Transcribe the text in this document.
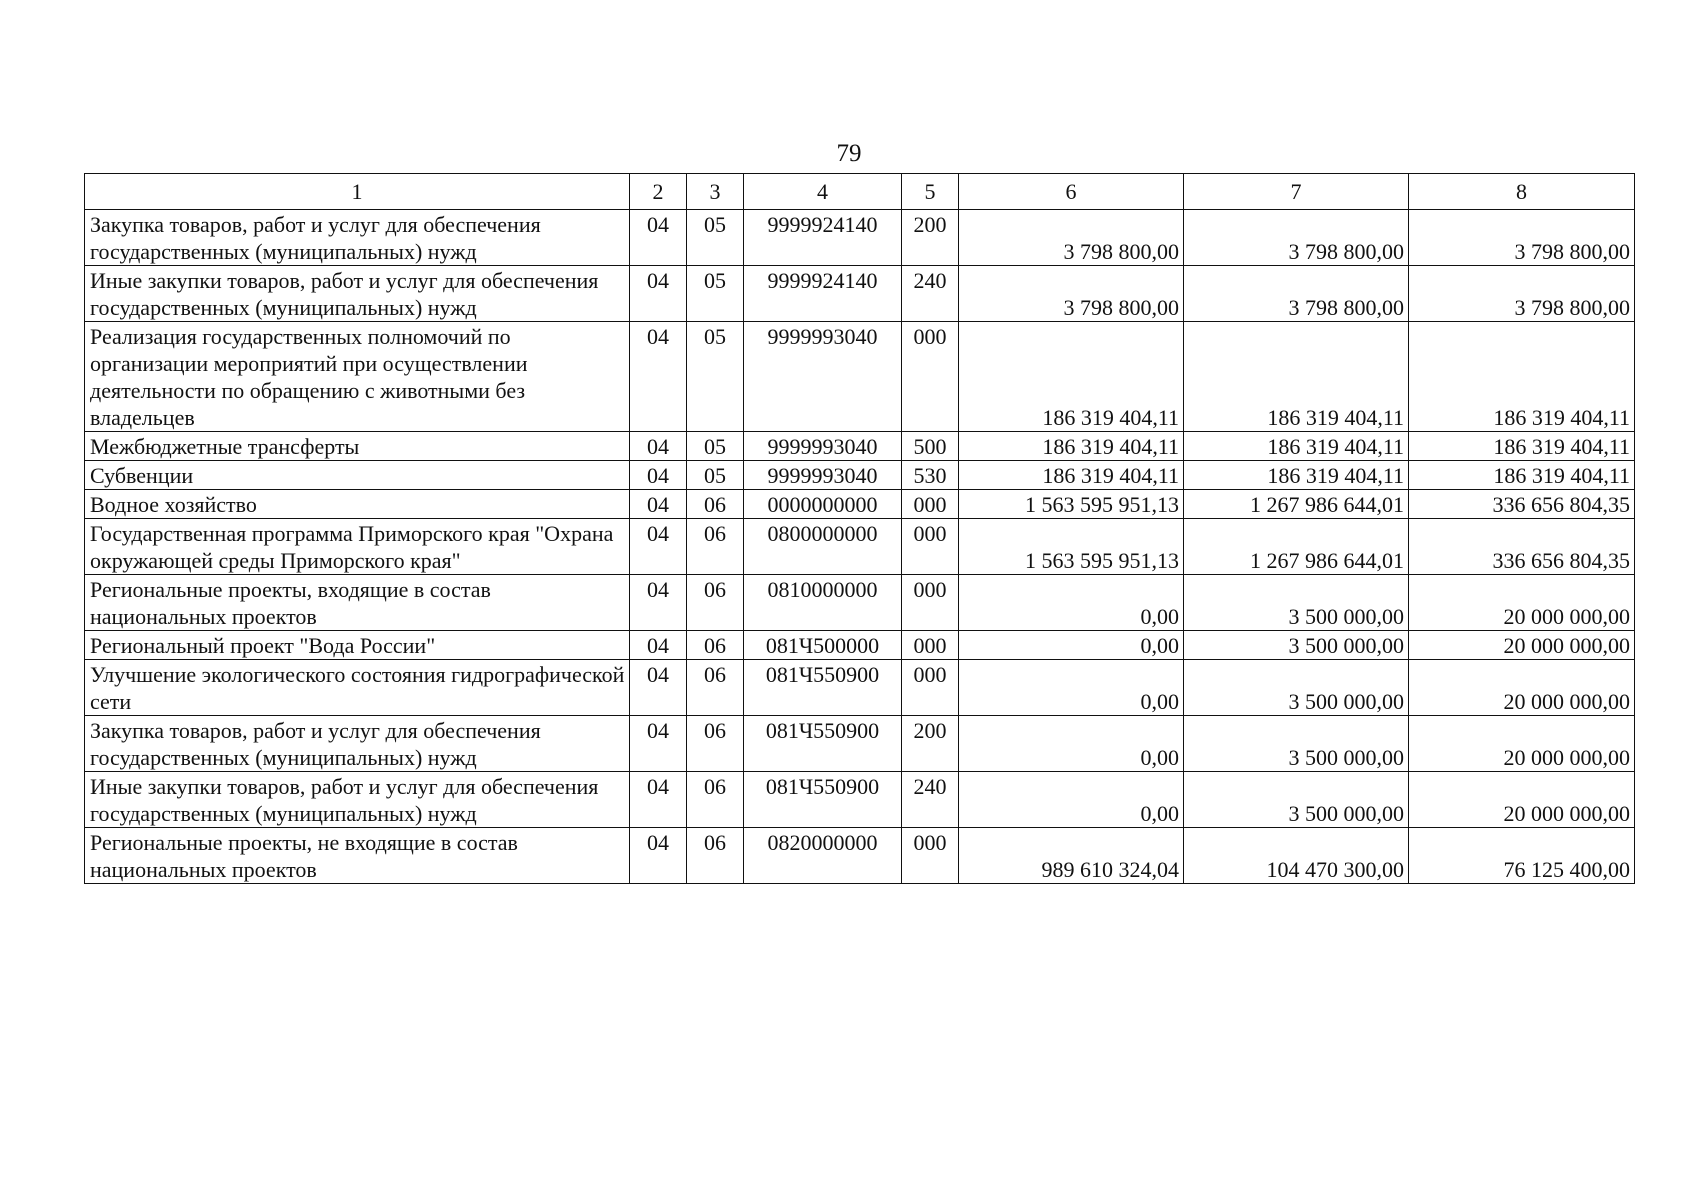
79
1	2	3	4	5	6	7	8
Закупка товаров, работ и услуг для обеспечения государственных (муниципальных) нужд	04	05	9999924140	200	3 798 800,00	3 798 800,00	3 798 800,00
Иные закупки товаров, работ и услуг для обеспечения государственных (муниципальных) нужд	04	05	9999924140	240	3 798 800,00	3 798 800,00	3 798 800,00
Реализация государственных полномочий по организации мероприятий при осуществлении деятельности по обращению с животными без владельцев	04	05	9999993040	000	186 319 404,11	186 319 404,11	186 319 404,11
Межбюджетные трансферты	04	05	9999993040	500	186 319 404,11	186 319 404,11	186 319 404,11
Субвенции	04	05	9999993040	530	186 319 404,11	186 319 404,11	186 319 404,11
Водное хозяйство	04	06	0000000000	000	1 563 595 951,13	1 267 986 644,01	336 656 804,35
Государственная программа Приморского края "Охрана окружающей среды Приморского края"	04	06	0800000000	000	1 563 595 951,13	1 267 986 644,01	336 656 804,35
Региональные проекты, входящие в состав национальных проектов	04	06	0810000000	000	0,00	3 500 000,00	20 000 000,00
Региональный проект "Вода России"	04	06	081Ч500000	000	0,00	3 500 000,00	20 000 000,00
Улучшение экологического состояния гидрографической сети	04	06	081Ч550900	000	0,00	3 500 000,00	20 000 000,00
Закупка товаров, работ и услуг для обеспечения государственных (муниципальных) нужд	04	06	081Ч550900	200	0,00	3 500 000,00	20 000 000,00
Иные закупки товаров, работ и услуг для обеспечения государственных (муниципальных) нужд	04	06	081Ч550900	240	0,00	3 500 000,00	20 000 000,00
Региональные проекты, не входящие в состав национальных проектов	04	06	0820000000	000	989 610 324,04	104 470 300,00	76 125 400,00
